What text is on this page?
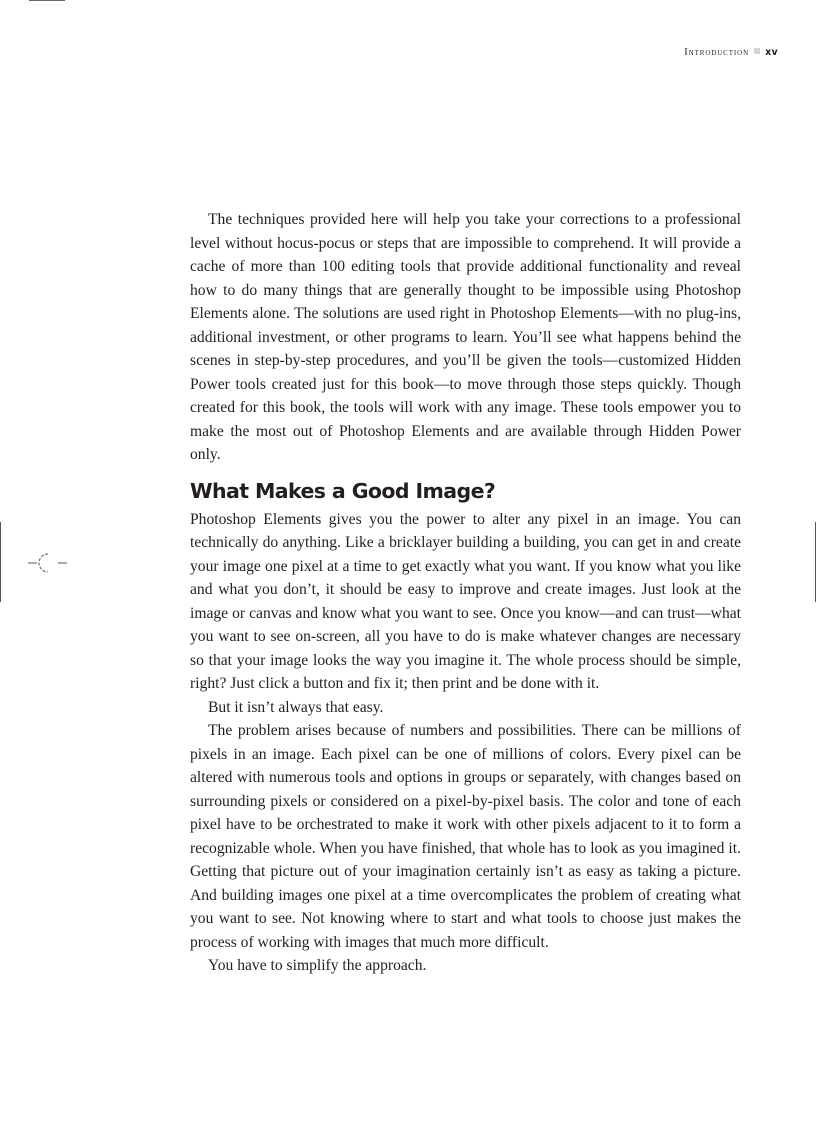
Introduction xv

The techniques provided here will help you take your corrections to a professional level without hocus-pocus or steps that are impossible to comprehend. It will provide a cache of more than 100 editing tools that provide additional functionality and reveal how to do many things that are generally thought to be impossible using Photoshop Elements alone. The solutions are used right in Photoshop Elements—with no plug-ins, additional investment, or other programs to learn. You’ll see what happens behind the scenes in step-by-step procedures, and you’ll be given the tools—customized Hidden Power tools created just for this book—to move through those steps quickly. Though created for this book, the tools will work with any image. These tools empower you to make the most out of Photoshop Elements and are available through Hidden Power only.

What Makes a Good Image?

Photoshop Elements gives you the power to alter any pixel in an image. You can technically do anything. Like a bricklayer building a building, you can get in and create your image one pixel at a time to get exactly what you want. If you know what you like and what you don’t, it should be easy to improve and create images. Just look at the image or canvas and know what you want to see. Once you know—and can trust—what you want to see on-screen, all you have to do is make whatever changes are necessary so that your image looks the way you imagine it. The whole process should be simple, right? Just click a button and fix it; then print and be done with it.

But it isn’t always that easy.

The problem arises because of numbers and possibilities. There can be millions of pixels in an image. Each pixel can be one of millions of colors. Every pixel can be altered with numerous tools and options in groups or separately, with changes based on surrounding pixels or considered on a pixel-by-pixel basis. The color and tone of each pixel have to be orchestrated to make it work with other pixels adjacent to it to form a recognizable whole. When you have finished, that whole has to look as you imagined it. Getting that picture out of your imagination certainly isn’t as easy as taking a picture. And building images one pixel at a time overcomplicates the problem of creating what you want to see. Not knowing where to start and what tools to choose just makes the process of working with images that much more difficult.

You have to simplify the approach.
